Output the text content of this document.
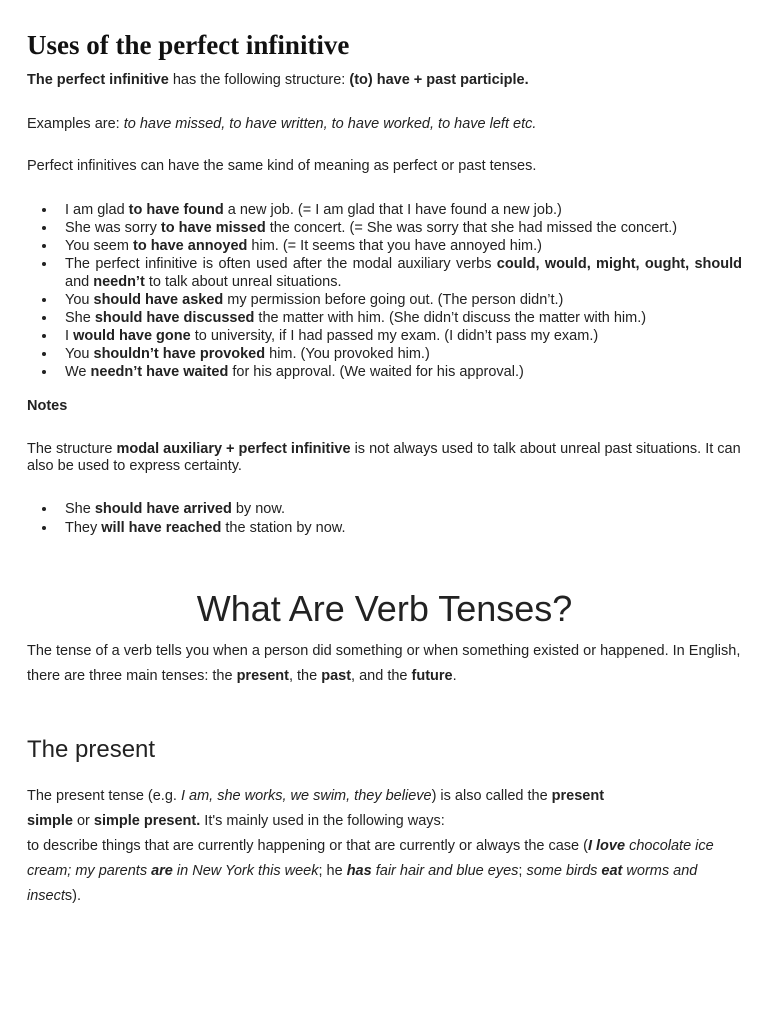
Uses of the perfect infinitive

The perfect infinitive has the following structure: (to) have + past participle.

Examples are: to have missed, to have written, to have worked, to have left etc.

Perfect infinitives can have the same kind of meaning as perfect or past tenses.

I am glad to have found a new job. (= I am glad that I have found a new job.)
She was sorry to have missed the concert. (= She was sorry that she had missed the concert.)
You seem to have annoyed him. (= It seems that you have annoyed him.)
The perfect infinitive is often used after the modal auxiliary verbs could, would, might, ought, should and needn’t to talk about unreal situations.
You should have asked my permission before going out. (The person didn’t.)
She should have discussed the matter with him. (She didn’t discuss the matter with him.)
I would have gone to university, if I had passed my exam. (I didn’t pass my exam.)
You shouldn’t have provoked him. (You provoked him.)
We needn’t have waited for his approval. (We waited for his approval.)

Notes

The structure modal auxiliary + perfect infinitive is not always used to talk about unreal past situations. It can also be used to express certainty.

She should have arrived by now.
They will have reached the station by now.
What Are Verb Tenses?

The tense of a verb tells you when a person did something or when something existed or happened. In English, there are three main tenses: the present, the past, and the future.

The present

The present tense (e.g. I am, she works, we swim, they believe) is also called the present
simple or simple present. It's mainly used in the following ways:

to describe things that are currently happening or that are currently or always the case (I love chocolate ice cream; my parents are in New York this week; he has fair hair and blue eyes; some birds eat worms and insects).
